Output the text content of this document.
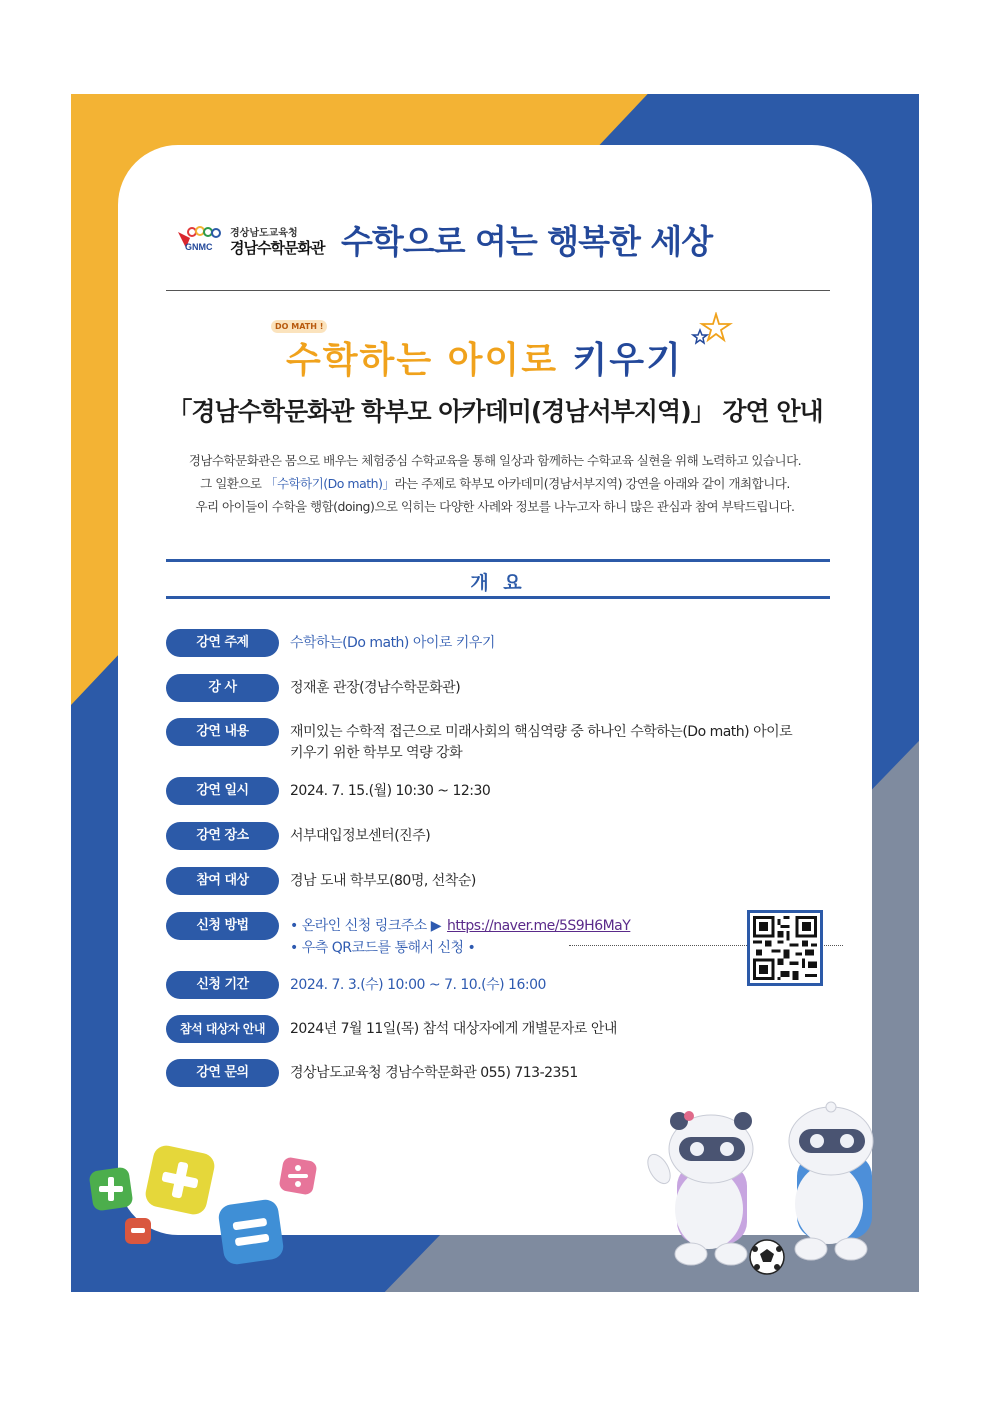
GNMC
경상남도교육청
경남수학문화관 수학으로 여는 행복한 세상
DO MATH !
수학하는 아이로 키우기
「경남수학문화관 학부모 아카데미(경남서부지역)」 강연 안내
경남수학문화관은 몸으로 배우는 체험중심 수학교육을 통해 일상과 함께하는 수학교육 실현을 위해 노력하고 있습니다.
그 일환으로 「수학하기(Do math)」라는 주제로 학부모 아카데미(경남서부지역) 강연을 아래와 같이 개최합니다.
우리 아이들이 수학을 행함(doing)으로 익히는 다양한 사례와 정보를 나누고자 하니 많은 관심과 참여 부탁드립니다.
개 요
강연 주제	수학하는(Do math) 아이로 키우기
강 사	정재훈 관장(경남수학문화관)
강연 내용	재미있는 수학적 접근으로 미래사회의 핵심역량 중 하나인 수학하는(Do math) 아이로
키우기 위한 학부모 역량 강화
강연 일시	2024. 7. 15.(월) 10:30 ~ 12:30
강연 장소	서부대입정보센터(진주)
참여 대상	경남 도내 학부모(80명, 선착순)
신청 방법	• 온라인 신청 링크주소 ▶ https://naver.me/5S9H6MaY
• 우측 QR코드를 통해서 신청 •
신청 기간	2024. 7. 3.(수) 10:00 ~ 7. 10.(수) 16:00
참석 대상자 안내	2024년 7월 11일(목) 참석 대상자에게 개별문자로 안내
강연 문의	경상남도교육청 경남수학문화관 055) 713-2351
